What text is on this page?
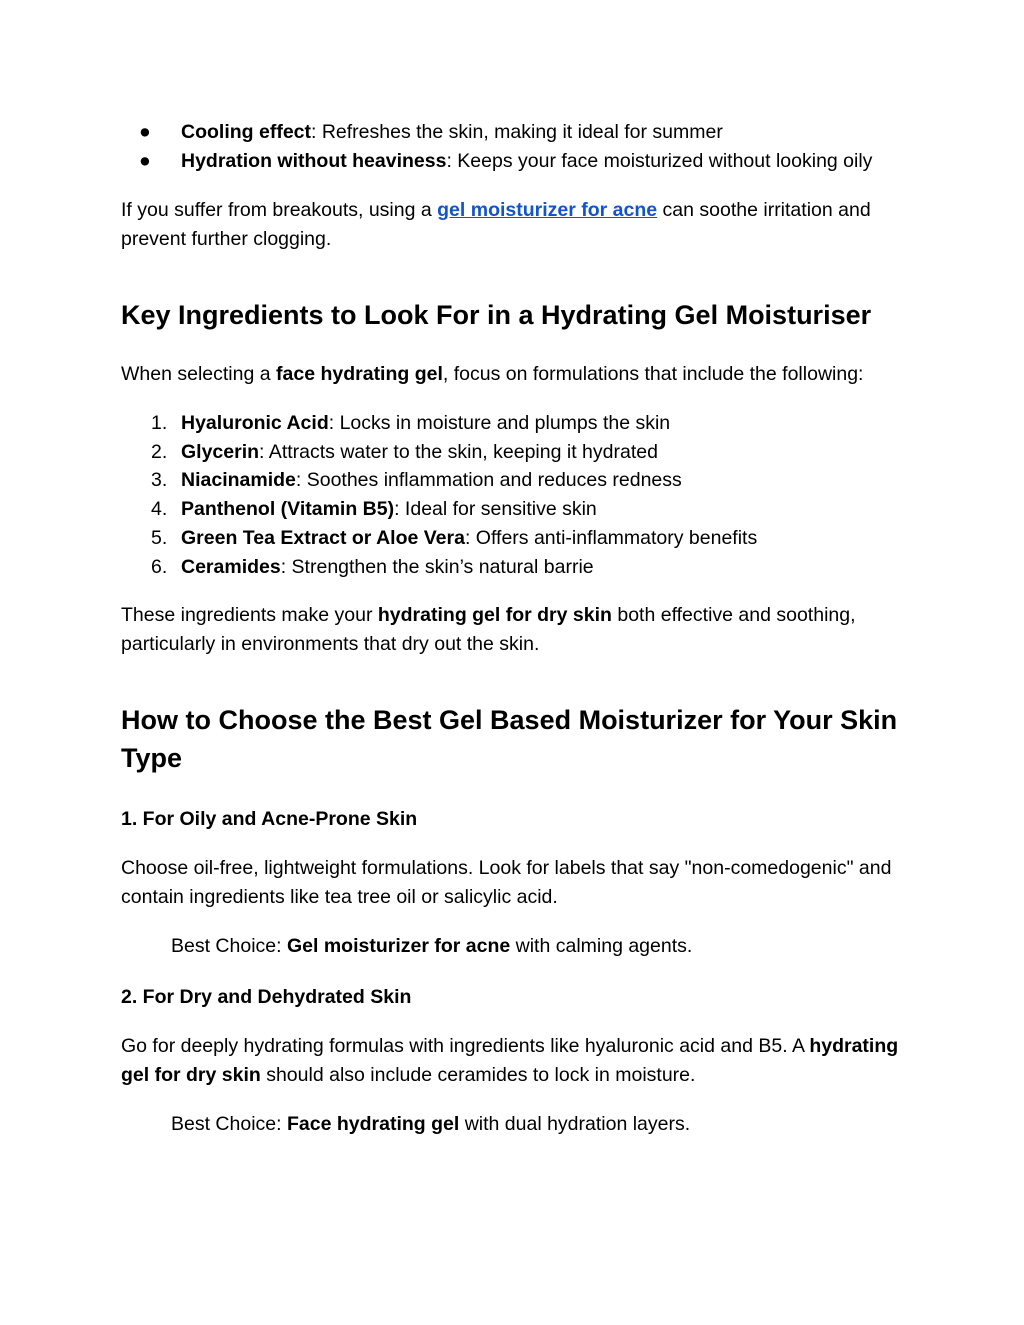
● Cooling effect: Refreshes the skin, making it ideal for summer
● Hydration without heaviness: Keeps your face moisturized without looking oily

If you suffer from breakouts, using a gel moisturizer for acne can soothe irritation and prevent further clogging.

Key Ingredients to Look For in a Hydrating Gel Moisturiser

When selecting a face hydrating gel, focus on formulations that include the following:

1. Hyaluronic Acid: Locks in moisture and plumps the skin
2. Glycerin: Attracts water to the skin, keeping it hydrated
3. Niacinamide: Soothes inflammation and reduces redness
4. Panthenol (Vitamin B5): Ideal for sensitive skin
5. Green Tea Extract or Aloe Vera: Offers anti-inflammatory benefits
6. Ceramides: Strengthen the skin’s natural barrie

These ingredients make your hydrating gel for dry skin both effective and soothing, particularly in environments that dry out the skin.

How to Choose the Best Gel Based Moisturizer for Your Skin Type
1. For Oily and Acne-Prone Skin

Choose oil-free, lightweight formulations. Look for labels that say "non-comedogenic" and contain ingredients like tea tree oil or salicylic acid.

Best Choice: Gel moisturizer for acne with calming agents.

2. For Dry and Dehydrated Skin

Go for deeply hydrating formulas with ingredients like hyaluronic acid and B5. A hydrating gel for dry skin should also include ceramides to lock in moisture.

Best Choice: Face hydrating gel with dual hydration layers.
